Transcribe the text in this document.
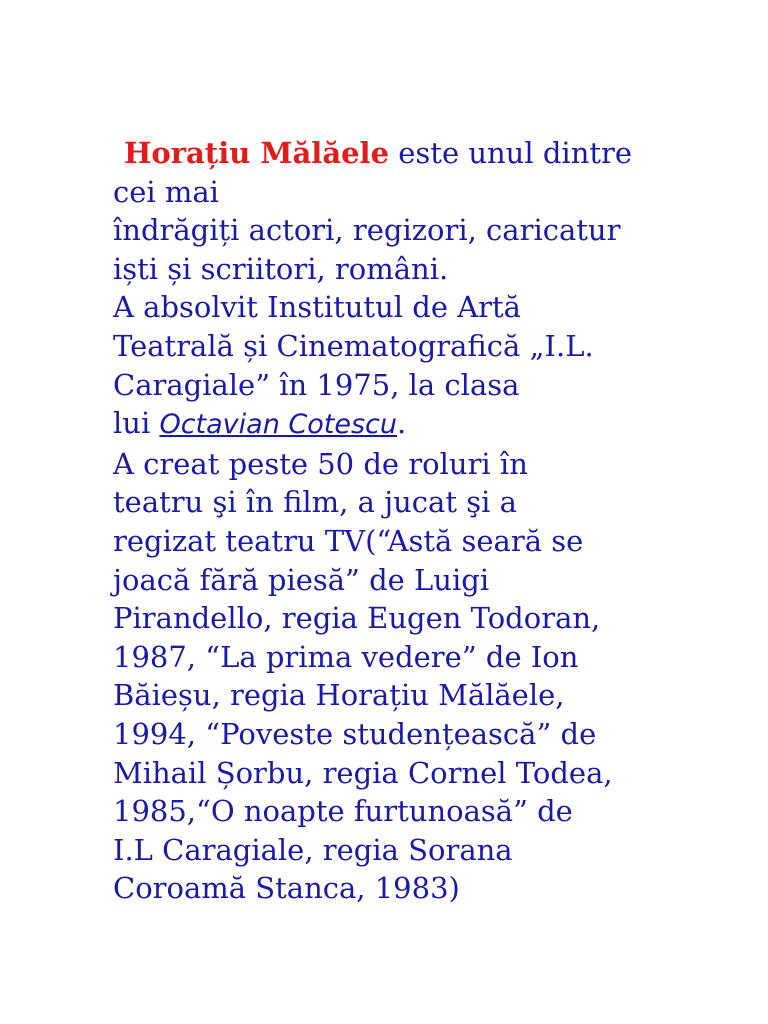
Horațiu Mălăele este unul dintre
cei mai
îndrăgiți actori, regizori, caricatur
iști și scriitori, români.
A absolvit Institutul de Artă
Teatrală și Cinematografică „I.L.
Caragiale” în 1975, la clasa
lui Octavian Cotescu.
A creat peste 50 de roluri în
teatru şi în film, a jucat şi a
regizat teatru TV(“Astă seară se
joacă fără piesă” de Luigi
Pirandello, regia Eugen Todoran,
1987, “La prima vedere” de Ion
Băieșu, regia Horațiu Mălăele,
1994, “Poveste studențească” de
Mihail Șorbu, regia Cornel Todea,
1985,“O noapte furtunoasă” de
I.L Caragiale, regia Sorana
Coroamă Stanca, 1983)
